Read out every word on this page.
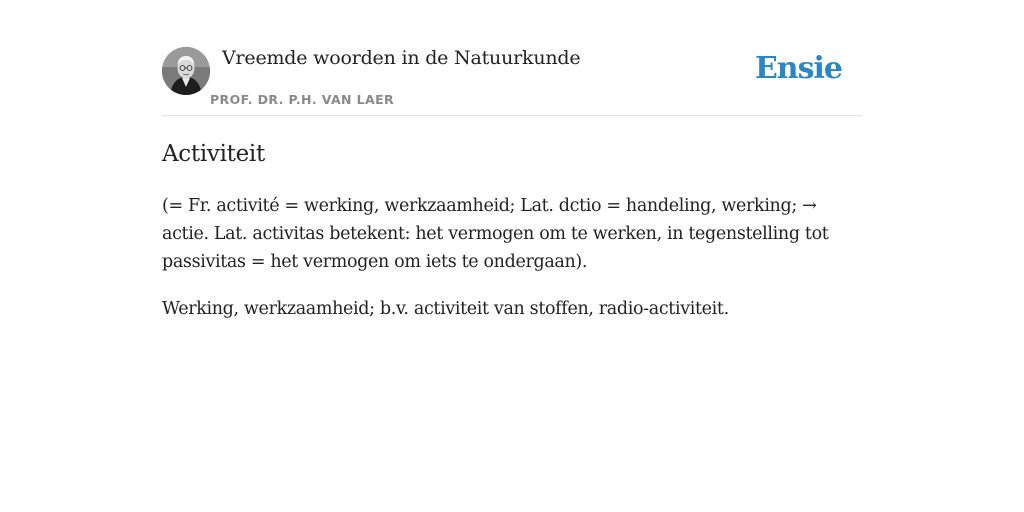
Vreemde woorden in de Natuurkunde
PROF. DR. P.H. VAN LAER
Ensie
Activiteit

(= Fr. activité = werking, werkzaamheid; Lat. dctio = handeling, werking; → actie. Lat. activitas betekent: het vermogen om te werken, in tegenstelling tot passivitas = het vermogen om iets te ondergaan).

Werking, werkzaamheid; b.v. activiteit van stoffen, radio-activiteit.
